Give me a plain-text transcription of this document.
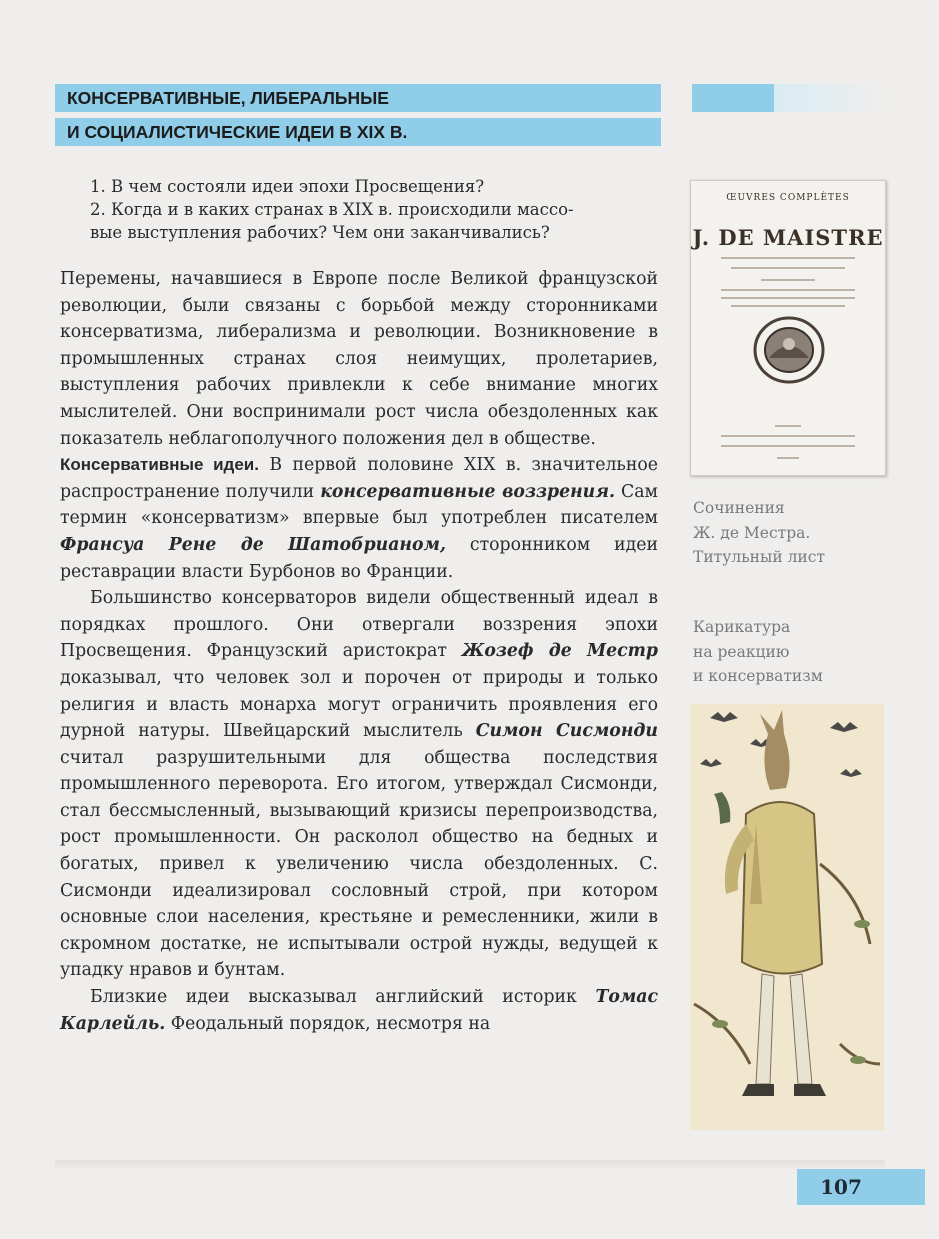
КОНСЕРВАТИВНЫЕ, ЛИБЕРАЛЬНЫЕ
И СОЦИАЛИСТИЧЕСКИЕ ИДЕИ В XIX В.

1. В чем состояли идеи эпохи Просвещения?

2. Когда и в каких странах в XIX в. происходили массо-

вые выступления рабочих? Чем они заканчивались?

Перемены, начавшиеся в Европе после Великой французской революции, были связаны с борьбой между сторонниками консерватизма, либерализма и революции. Возникновение в промышленных странах слоя неимущих, пролетариев, выступления рабочих привлекли к себе внимание многих мыслителей. Они воспринимали рост числа обездоленных как показатель неблагополучного положения дел в обществе.

Консервативные идеи. В первой половине XIX в. значительное распространение получили консервативные воззрения. Сам термин «консерватизм» впервые был употреблен писателем Франсуа Рене де Шатобрианом, сторонником идеи реставрации власти Бурбонов во Франции.

Большинство консерваторов видели общественный идеал в порядках прошлого. Они отвергали воззрения эпохи Просвещения. Французский аристократ Жозеф де Местр доказывал, что человек зол и порочен от природы и только религия и власть монарха могут ограничить проявления его дурной натуры. Швейцарский мыслитель Симон Сисмонди считал разрушительными для общества последствия промышленного переворота. Его итогом, утверждал Сисмонди, стал бессмысленный, вызывающий кризисы перепроизводства, рост промышленности. Он расколол общество на бедных и богатых, привел к увеличению числа обездоленных. С. Сисмонди идеализировал сословный строй, при котором основные слои населения, крестьяне и ремесленники, жили в скромном достатке, не испытывали острой нужды, ведущей к упадку нравов и бунтам.

Близкие идеи высказывал английский историк Томас Карлейль. Феодальный порядок, несмотря на

ŒUVRES COMPLÈTES
J. DE MAISTRE
Сочинения
Ж. де Местра.
Титульный лист
Карикатура
на реакцию
и консерватизм
107
